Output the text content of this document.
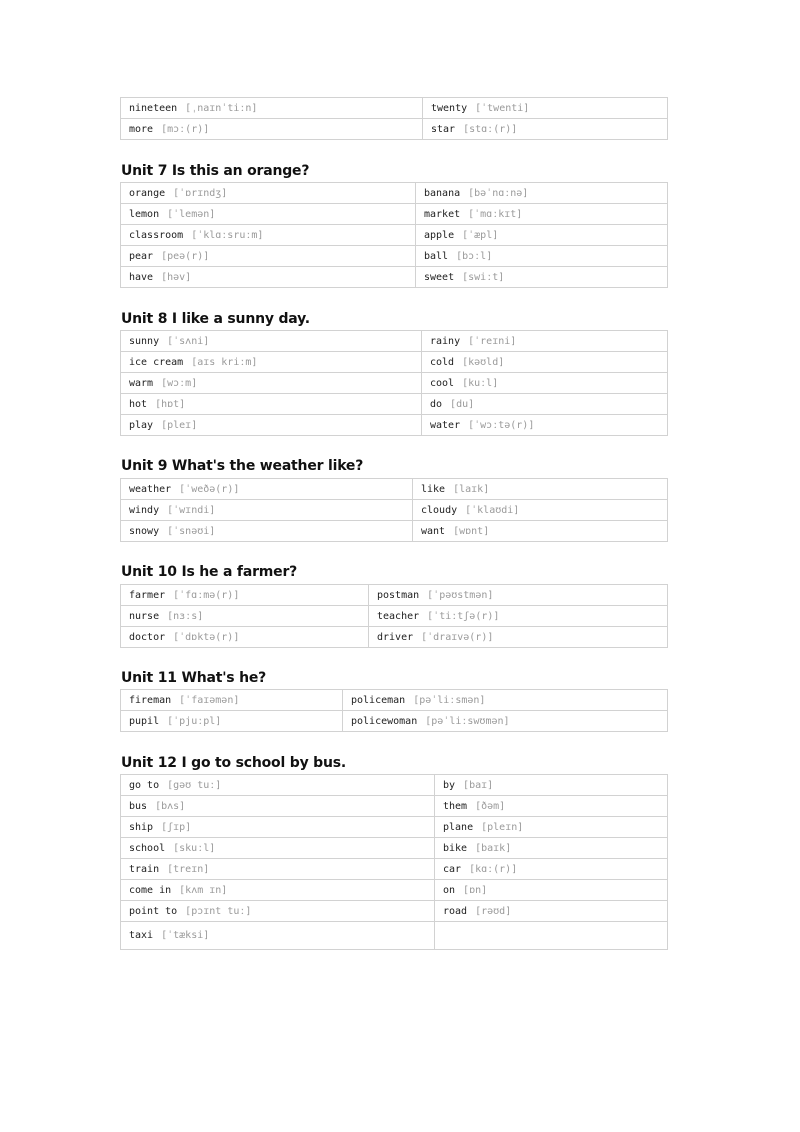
nineteen [ˌnaɪnˈtiːn]	twenty [ˈtwenti]
more [mɔː(r)]	star [stɑː(r)]
Unit 7 Is this an orange?
orange [ˈɒrɪndʒ]	banana [bəˈnɑːnə]
lemon [ˈlemən]	market [ˈmɑːkɪt]
classroom [ˈklɑːsruːm]	apple [ˈæpl]
pear [peə(r)]	ball [bɔːl]
have [həv]	sweet [swiːt]
Unit 8 I like a sunny day.
sunny [ˈsʌni]	rainy [ˈreɪni]
ice cream [aɪs kriːm]	cold [kəʊld]
warm [wɔːm]	cool [kuːl]
hot [hɒt]	do [du]
play [pleɪ]	water [ˈwɔːtə(r)]
Unit 9 What's the weather like?
weather [ˈweðə(r)]	like [laɪk]
windy [ˈwɪndi]	cloudy [ˈklaʊdi]
snowy [ˈsnəʊi]	want [wɒnt]
Unit 10 Is he a farmer?
farmer [ˈfɑːmə(r)]	postman [ˈpəʊstmən]
nurse [nɜːs]	teacher [ˈtiːtʃə(r)]
doctor [ˈdɒktə(r)]	driver [ˈdraɪvə(r)]
Unit 11 What's he?
fireman [ˈfaɪəmən]	policeman [pəˈliːsmən]
pupil [ˈpjuːpl]	policewoman [pəˈliːswʊmən]
Unit 12 I go to school by bus.
go to [gəʊ tuː]	by [baɪ]
bus [bʌs]	them [ðəm]
ship [ʃɪp]	plane [pleɪn]
school [skuːl]	bike [baɪk]
train [treɪn]	car [kɑː(r)]
come in [kʌm ɪn]	on [ɒn]
point to [pɔɪnt tuː]	road [rəʊd]
taxi [ˈtæksi]	
